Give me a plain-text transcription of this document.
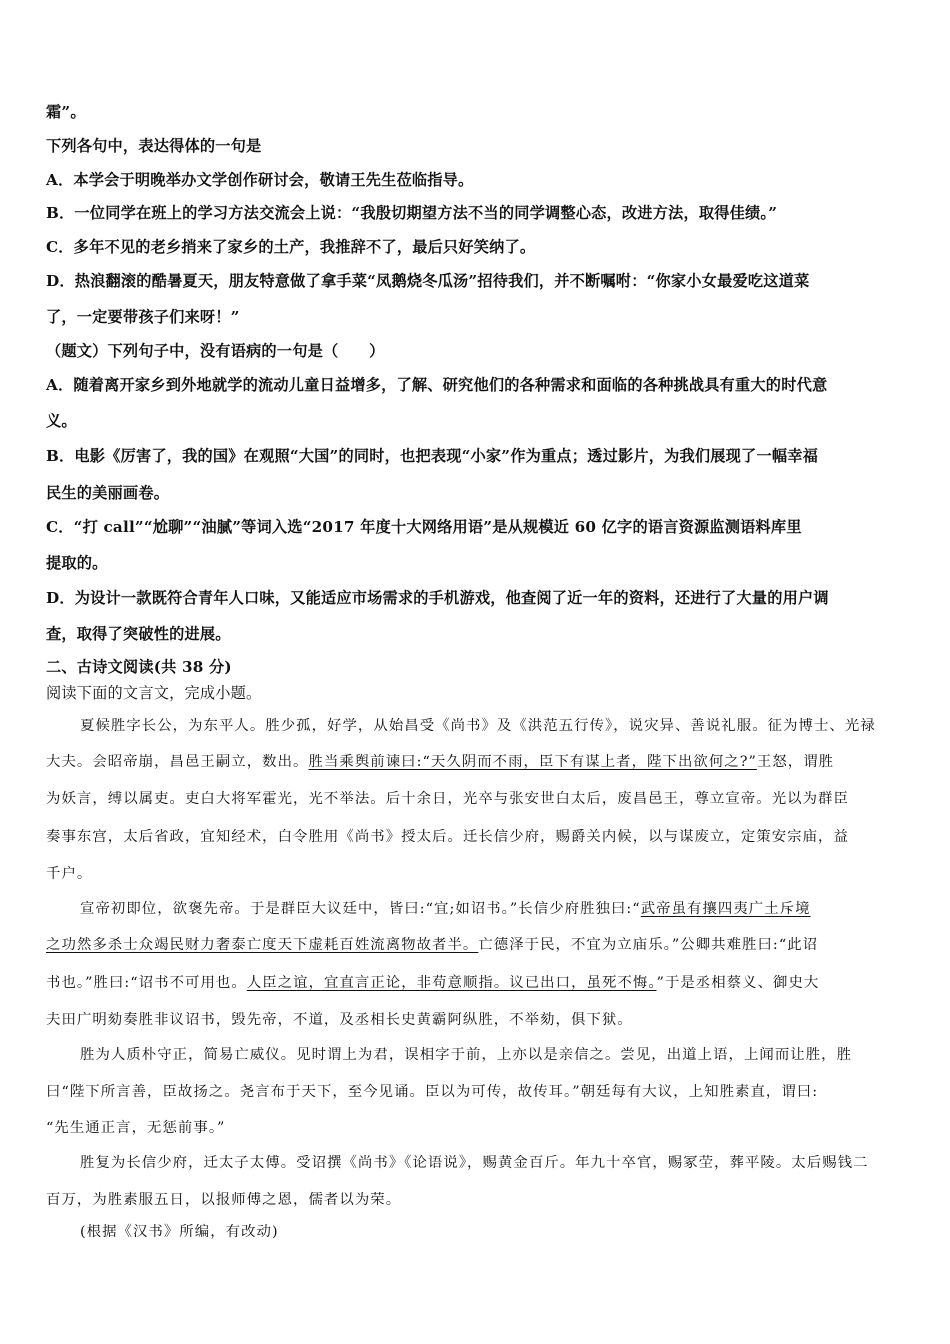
霜”。
下列各句中，表达得体的一句是
A．本学会于明晚举办文学创作研讨会，敬请王先生莅临指导。
B．一位同学在班上的学习方法交流会上说：“我殷切期望方法不当的同学调整心态，改进方法，取得佳绩。”
C．多年不见的老乡捎来了家乡的土产，我推辞不了，最后只好笑纳了。
D．热浪翻滚的酷暑夏天，朋友特意做了拿手菜“凤鹅烧冬瓜汤”招待我们，并不断嘱咐：“你家小女最爱吃这道菜
了，一定要带孩子们来呀！”
（题文）下列句子中，没有语病的一句是（　　）
A．随着离开家乡到外地就学的流动儿童日益增多，了解、研究他们的各种需求和面临的各种挑战具有重大的时代意
义。
B．电影《厉害了，我的国》在观照“大国”的同时，也把表现“小家”作为重点；透过影片，为我们展现了一幅幸福
民生的美丽画卷。
C．“打 call”“尬聊”“油腻”等词入选“2017 年度十大网络用语”是从规模近 60 亿字的语言资源监测语料库里
提取的。
D．为设计一款既符合青年人口味，又能适应市场需求的手机游戏，他查阅了近一年的资料，还进行了大量的用户调
查，取得了突破性的进展。
二、古诗文阅读(共 38 分)
阅读下面的文言文，完成小题。
夏候胜字长公，为东平人。胜少孤，好学，从始昌受《尚书》及《洪范五行传》，说灾异、善说礼服。征为博士、光禄
大夫。会昭帝崩，昌邑王嗣立，数出。胜当乘舆前谏曰:“天久阴而不雨，臣下有谋上者，陛下出欲何之?”王怒，谓胜
为妖言，缚以属吏。吏白大将军霍光，光不举法。后十余日，光卒与张安世白太后，废昌邑王，尊立宣帝。光以为群臣
奏事东宫，太后省政，宜知经术，白令胜用《尚书》授太后。迁长信少府，赐爵关内候，以与谋废立，定策安宗庙，益
千户。
宣帝初即位，欲褒先帝。于是群臣大议廷中，皆曰:“宜;如诏书。”长信少府胜独曰:“武帝虽有攘四夷广土斥境
之功然多杀士众竭民财力奢泰亡度天下虚耗百姓流离物故者半。亡德泽于民，不宜为立庙乐。”公卿共难胜曰:“此诏
书也。”胜曰:“诏书不可用也。人臣之谊，宜直言正论，非苟意顺指。议已出口，虽死不悔。”于是丞相蔡义、御史大
夫田广明劾奏胜非议诏书，毁先帝，不道，及丞相长史黄霸阿纵胜，不举劾，俱下狱。
胜为人质朴守正，简易亡威仪。见时谓上为君，误相字于前，上亦以是亲信之。尝见，出道上语，上闻而让胜，胜
曰“陛下所言善，臣故扬之。尧言布于天下，至今见诵。臣以为可传，故传耳。”朝廷每有大议，上知胜素直，谓曰:
“先生通正言，无惩前事。”
胜复为长信少府，迁太子太傅。受诏撰《尚书》《论语说》，赐黄金百斤。年九十卒官，赐冢茔，葬平陵。太后赐钱二
百万，为胜素服五日，以报师傅之恩，儒者以为荣。
(根据《汉书》所编，有改动)
